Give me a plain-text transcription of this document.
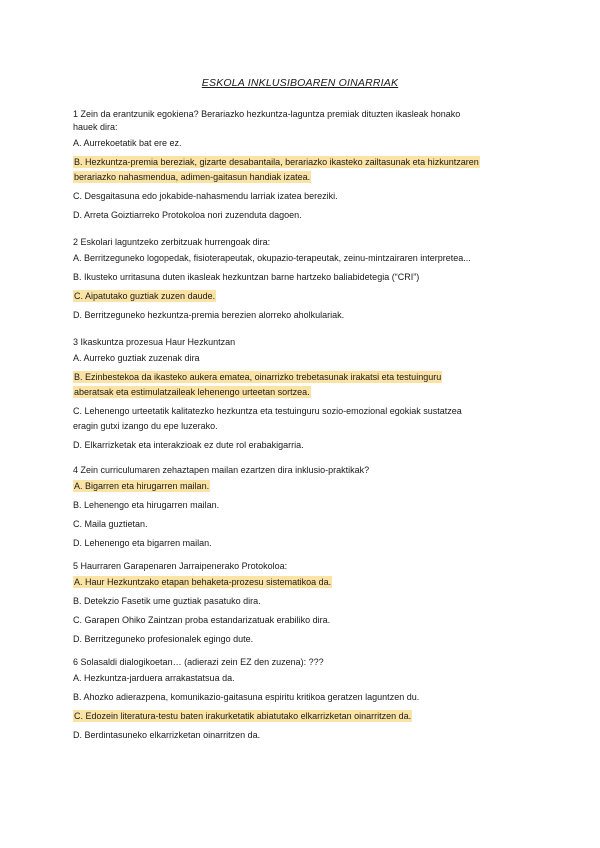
ESKOLA INKLUSIBOAREN OINARRIAK
1 Zein da erantzunik egokiena? Berariazko hezkuntza-laguntza premiak dituzten ikasleak honako
hauek dira:
A. Aurrekoetatik bat ere ez.
B. Hezkuntza-premia bereziak, gizarte desabantaila, berariazko ikasteko zailtasunak eta hizkuntzaren
berariazko nahasmendua, adimen-gaitasun handiak izatea.
C. Desgaitasuna edo jokabide-nahasmendu larriak izatea bereziki.
D. Arreta Goiztiarreko Protokoloa nori zuzenduta dagoen.
2 Eskolari laguntzeko zerbitzuak hurrengoak dira:
A. Berritzeguneko logopedak, fisioterapeutak, okupazio-terapeutak, zeinu-mintzairaren interpretea...
B. Ikusteko urritasuna duten ikasleak hezkuntzan barne hartzeko baliabidetegia (“CRI”)
C. Aipatutako guztiak zuzen daude.
D. Berritzeguneko hezkuntza-premia berezien alorreko aholkulariak.
3 Ikaskuntza prozesua Haur Hezkuntzan
A. Aurreko guztiak zuzenak dira
B. Ezinbestekoa da ikasteko aukera ematea, oinarrizko trebetasunak irakatsi eta testuinguru
aberatsak eta estimulatzaileak lehenengo urteetan sortzea.
C. Lehenengo urteetatik kalitatezko hezkuntza eta testuinguru sozio-emozional egokiak sustatzea
eragin gutxi izango du epe luzerako.
D. Elkarrizketak eta interakzioak ez dute rol erabakigarria.
4 Zein curriculumaren zehaztapen mailan ezartzen dira inklusio-praktikak?
A. Bigarren eta hirugarren mailan.
B. Lehenengo eta hirugarren mailan.
C. Maila guztietan.
D. Lehenengo eta bigarren mailan.
5 Haurraren Garapenaren Jarraipenerako Protokoloa:
A. Haur Hezkuntzako etapan behaketa-prozesu sistematikoa da.
B. Detekzio Fasetik ume guztiak pasatuko dira.
C. Garapen Ohiko Zaintzan proba estandarizatuak erabiliko dira.
D. Berritzeguneko profesionalek egingo dute.
6 Solasaldi dialogikoetan… (adierazi zein EZ den zuzena): ???
A. Hezkuntza-jarduera arrakastatsua da.
B. Ahozko adierazpena, komunikazio-gaitasuna espiritu kritikoa geratzen laguntzen du.
C. Edozein literatura-testu baten irakurketatik abiatutako elkarrizketan oinarritzen da.
D. Berdintasuneko elkarrizketan oinarritzen da.
